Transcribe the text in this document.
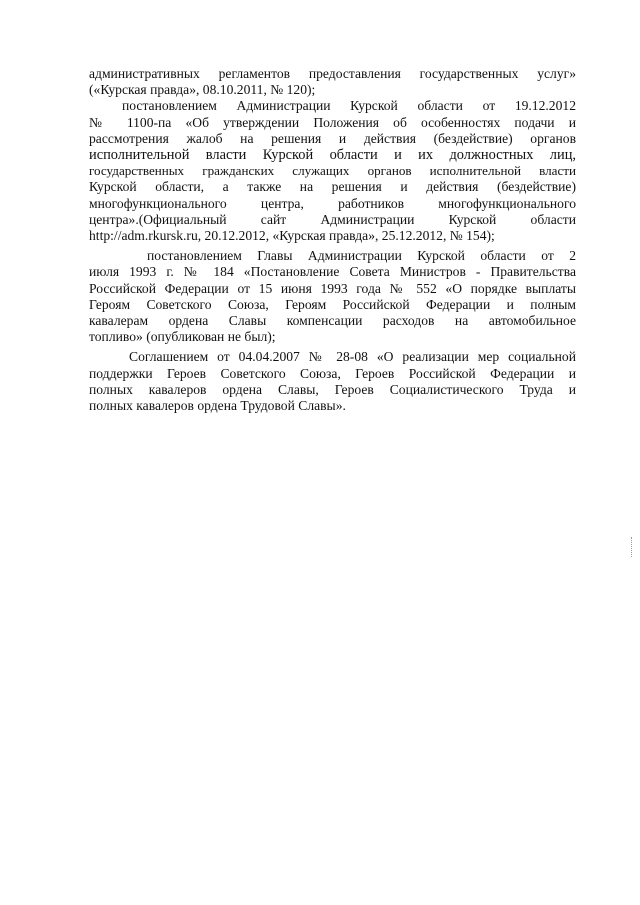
административных регламентов предоставления государственных услуг»
(«Курская правда», 08.10.2011, № 120);
постановлением Администрации Курской области от 19.12.2012
№ 1100-па «Об утверждении Положения об особенностях подачи и
рассмотрения жалоб на решения и действия (бездействие) органов
исполнительной власти Курской области и их должностных лиц,
государственных гражданских служащих органов исполнительной власти
Курской области, а также на решения и действия (бездействие)
многофункционального центра, работников многофункционального
центра».(Официальный сайт Администрации Курской области
http://adm.rkursk.ru, 20.12.2012, «Курская правда», 25.12.2012, № 154);
постановлением Главы Администрации Курской области от 2
июля 1993 г. № 184 «Постановление Совета Министров - Правительства
Российской Федерации от 15 июня 1993 года № 552 «О порядке выплаты
Героям Советского Союза, Героям Российской Федерации и полным
кавалерам ордена Славы компенсации расходов на автомобильное
топливо» (опубликован не был);
Соглашением от 04.04.2007 № 28-08 «О реализации мер социальной
поддержки Героев Советского Союза, Героев Российской Федерации и
полных кавалеров ордена Славы, Героев Социалистического Труда и
полных кавалеров ордена Трудовой Славы».
